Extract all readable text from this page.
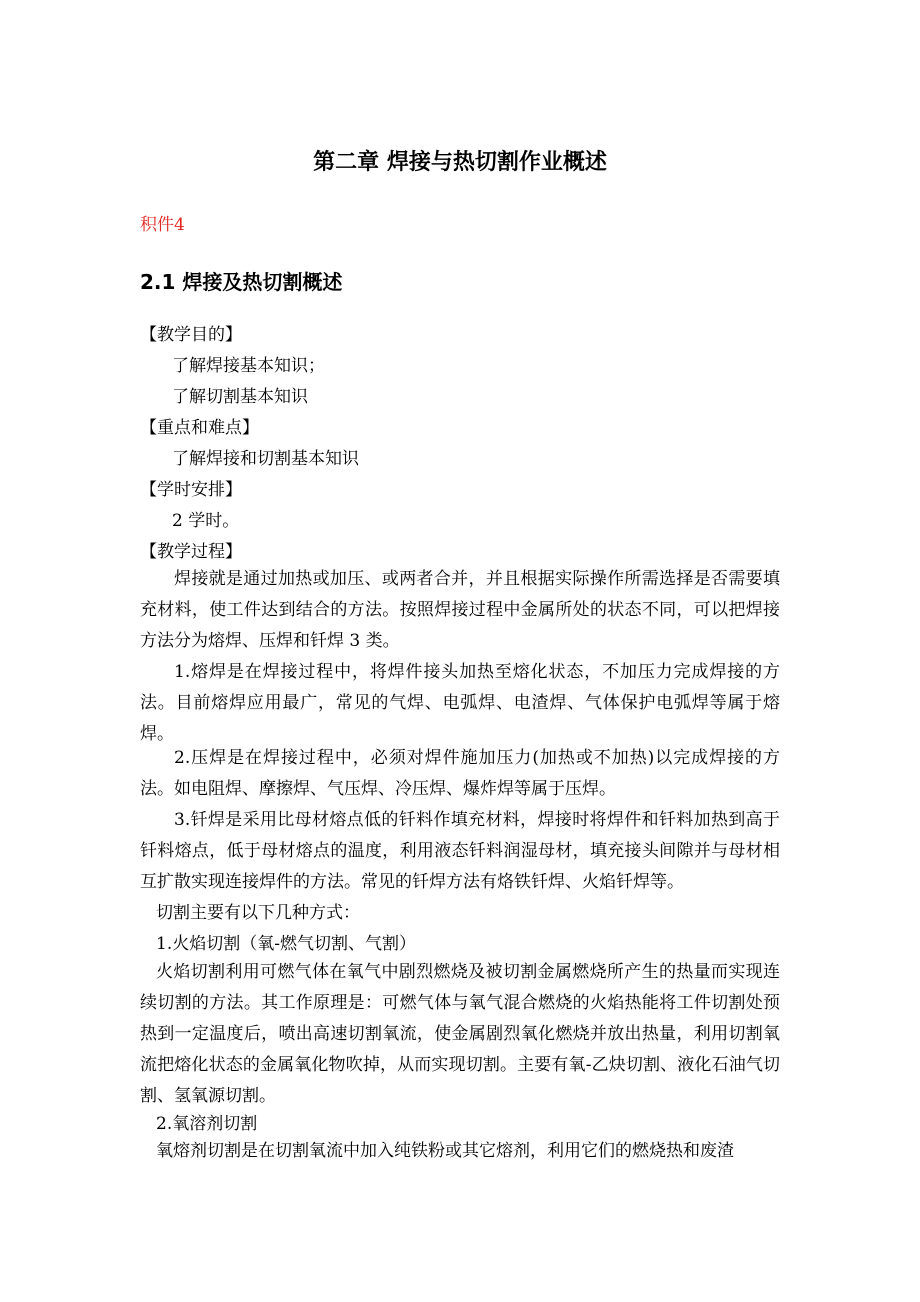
第二章 焊接与热切割作业概述
积件4
2.1 焊接及热切割概述
【教学目的】
了解焊接基本知识；
了解切割基本知识
【重点和难点】
了解焊接和切割基本知识
【学时安排】
2 学时。
【教学过程】
焊接就是通过加热或加压、或两者合并，并且根据实际操作所需选择是否需要填充材料，使工件达到结合的方法。按照焊接过程中金属所处的状态不同，可以把焊接方法分为熔焊、压焊和钎焊 3 类。
1.熔焊是在焊接过程中，将焊件接头加热至熔化状态，不加压力完成焊接的方法。目前熔焊应用最广，常见的气焊、电弧焊、电渣焊、气体保护电弧焊等属于熔焊。
2.压焊是在焊接过程中，必须对焊件施加压力(加热或不加热)以完成焊接的方法。如电阻焊、摩擦焊、气压焊、冷压焊、爆炸焊等属于压焊。
3.钎焊是采用比母材熔点低的钎料作填充材料，焊接时将焊件和钎料加热到高于钎料熔点，低于母材熔点的温度，利用液态钎料润湿母材，填充接头间隙并与母材相互扩散实现连接焊件的方法。常见的钎焊方法有烙铁钎焊、火焰钎焊等。
切割主要有以下几种方式：
1.火焰切割（氧-燃气切割、气割）
火焰切割利用可燃气体在氧气中剧烈燃烧及被切割金属燃烧所产生的热量而实现连续切割的方法。其工作原理是：可燃气体与氧气混合燃烧的火焰热能将工件切割处预热到一定温度后，喷出高速切割氧流，使金属剧烈氧化燃烧并放出热量，利用切割氧流把熔化状态的金属氧化物吹掉，从而实现切割。主要有氧-乙炔切割、液化石油气切割、氢氧源切割。
2.氧溶剂切割
氧熔剂切割是在切割氧流中加入纯铁粉或其它熔剂，利用它们的燃烧热和废渣
